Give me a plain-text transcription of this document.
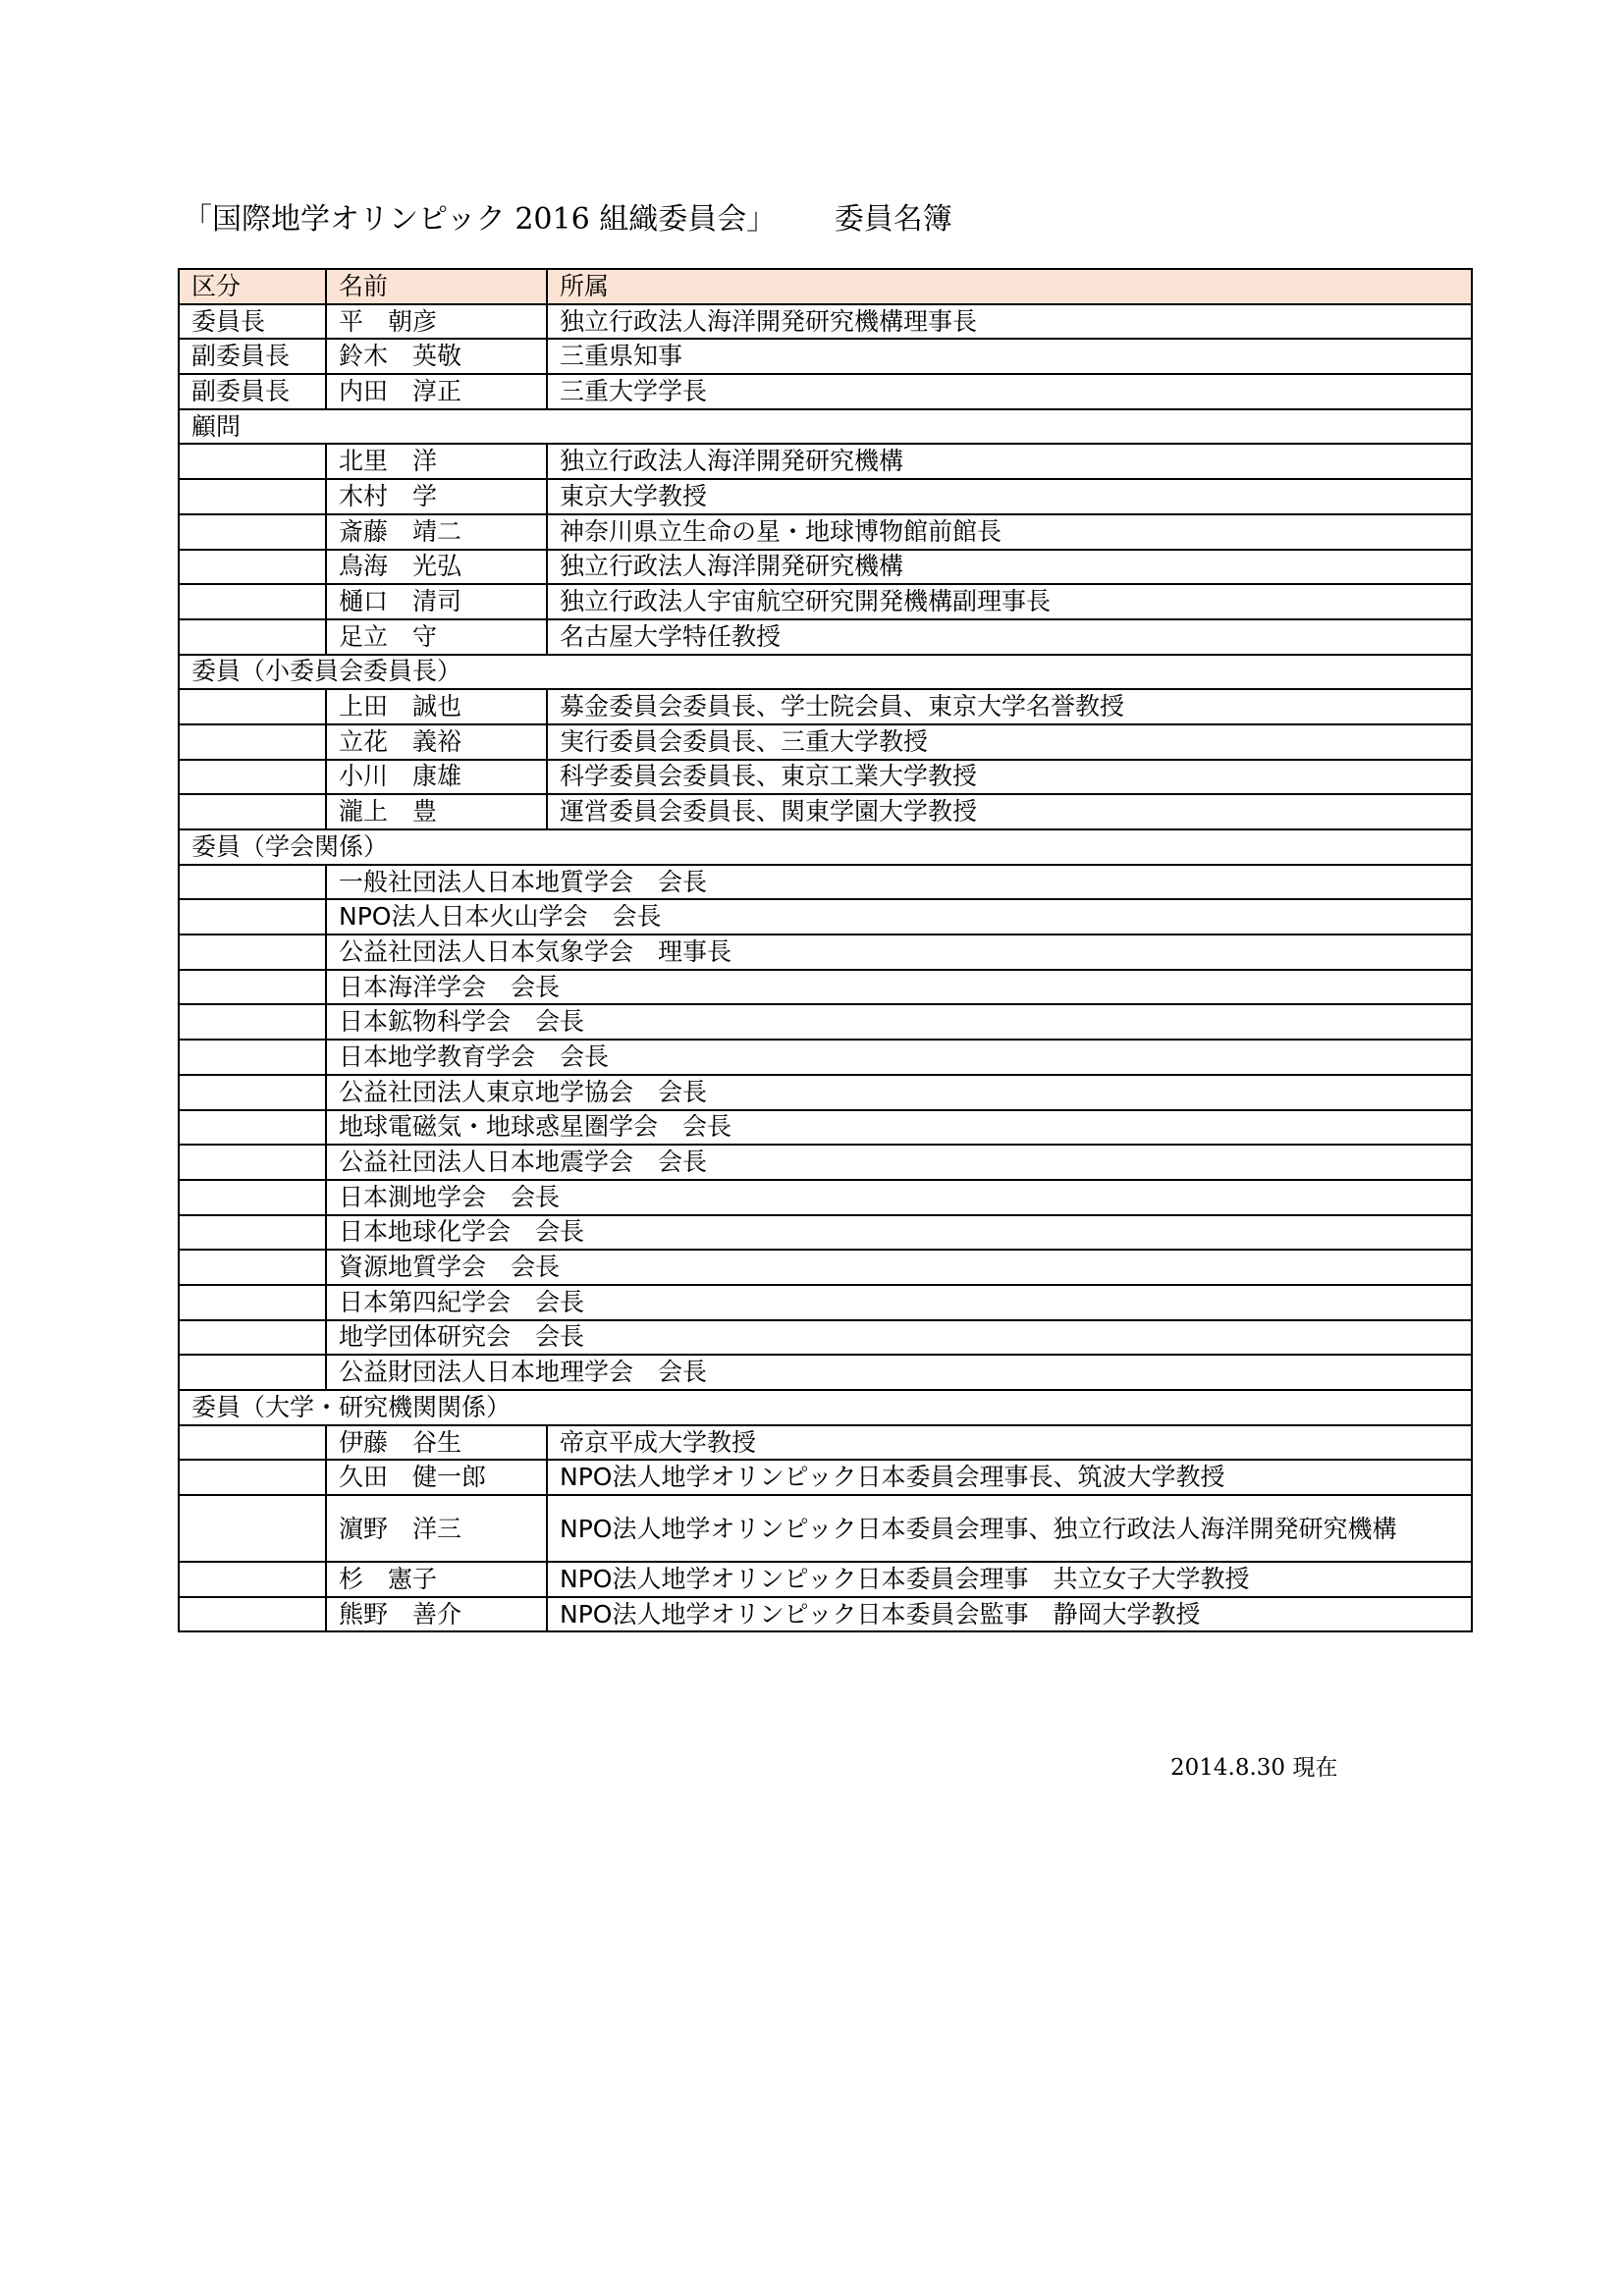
「国際地学オリンピック 2016 組織委員会」 委員名簿
区分	名前	所属
委員長	平　朝彦	独立行政法人海洋開発研究機構理事長
副委員長	鈴木　英敬	三重県知事
副委員長	内田　淳正	三重大学学長
顧問		
	北里　洋	独立行政法人海洋開発研究機構
	木村　学	東京大学教授
	斎藤　靖二	神奈川県立生命の星・地球博物館前館長
	鳥海　光弘	独立行政法人海洋開発研究機構
	樋口　清司	独立行政法人宇宙航空研究開発機構副理事長
	足立　守	名古屋大学特任教授
委員（小委員会委員長）		
	上田　誠也	募金委員会委員長、学士院会員、東京大学名誉教授
	立花　義裕	実行委員会委員長、三重大学教授
	小川　康雄	科学委員会委員長、東京工業大学教授
	瀧上　豊	運営委員会委員長、関東学園大学教授
委員（学会関係）		
	一般社団法人日本地質学会　会長	
	NPO法人日本火山学会　会長	
	公益社団法人日本気象学会　理事長	
	日本海洋学会　会長	
	日本鉱物科学会　会長	
	日本地学教育学会　会長	
	公益社団法人東京地学協会　会長	
	地球電磁気・地球惑星圏学会　会長	
	公益社団法人日本地震学会　会長	
	日本測地学会　会長	
	日本地球化学会　会長	
	資源地質学会　会長	
	日本第四紀学会　会長	
	地学団体研究会　会長	
	公益財団法人日本地理学会　会長	
委員（大学・研究機関関係）		
	伊藤　谷生	帝京平成大学教授
	久田　健一郎	NPO法人地学オリンピック日本委員会理事長、筑波大学教授
	濵野　洋三	NPO法人地学オリンピック日本委員会理事、独立行政法人海洋開発研究機構
	杉　憲子	NPO法人地学オリンピック日本委員会理事　共立女子大学教授
	熊野　善介	NPO法人地学オリンピック日本委員会監事　静岡大学教授
2014.8.30 現在
